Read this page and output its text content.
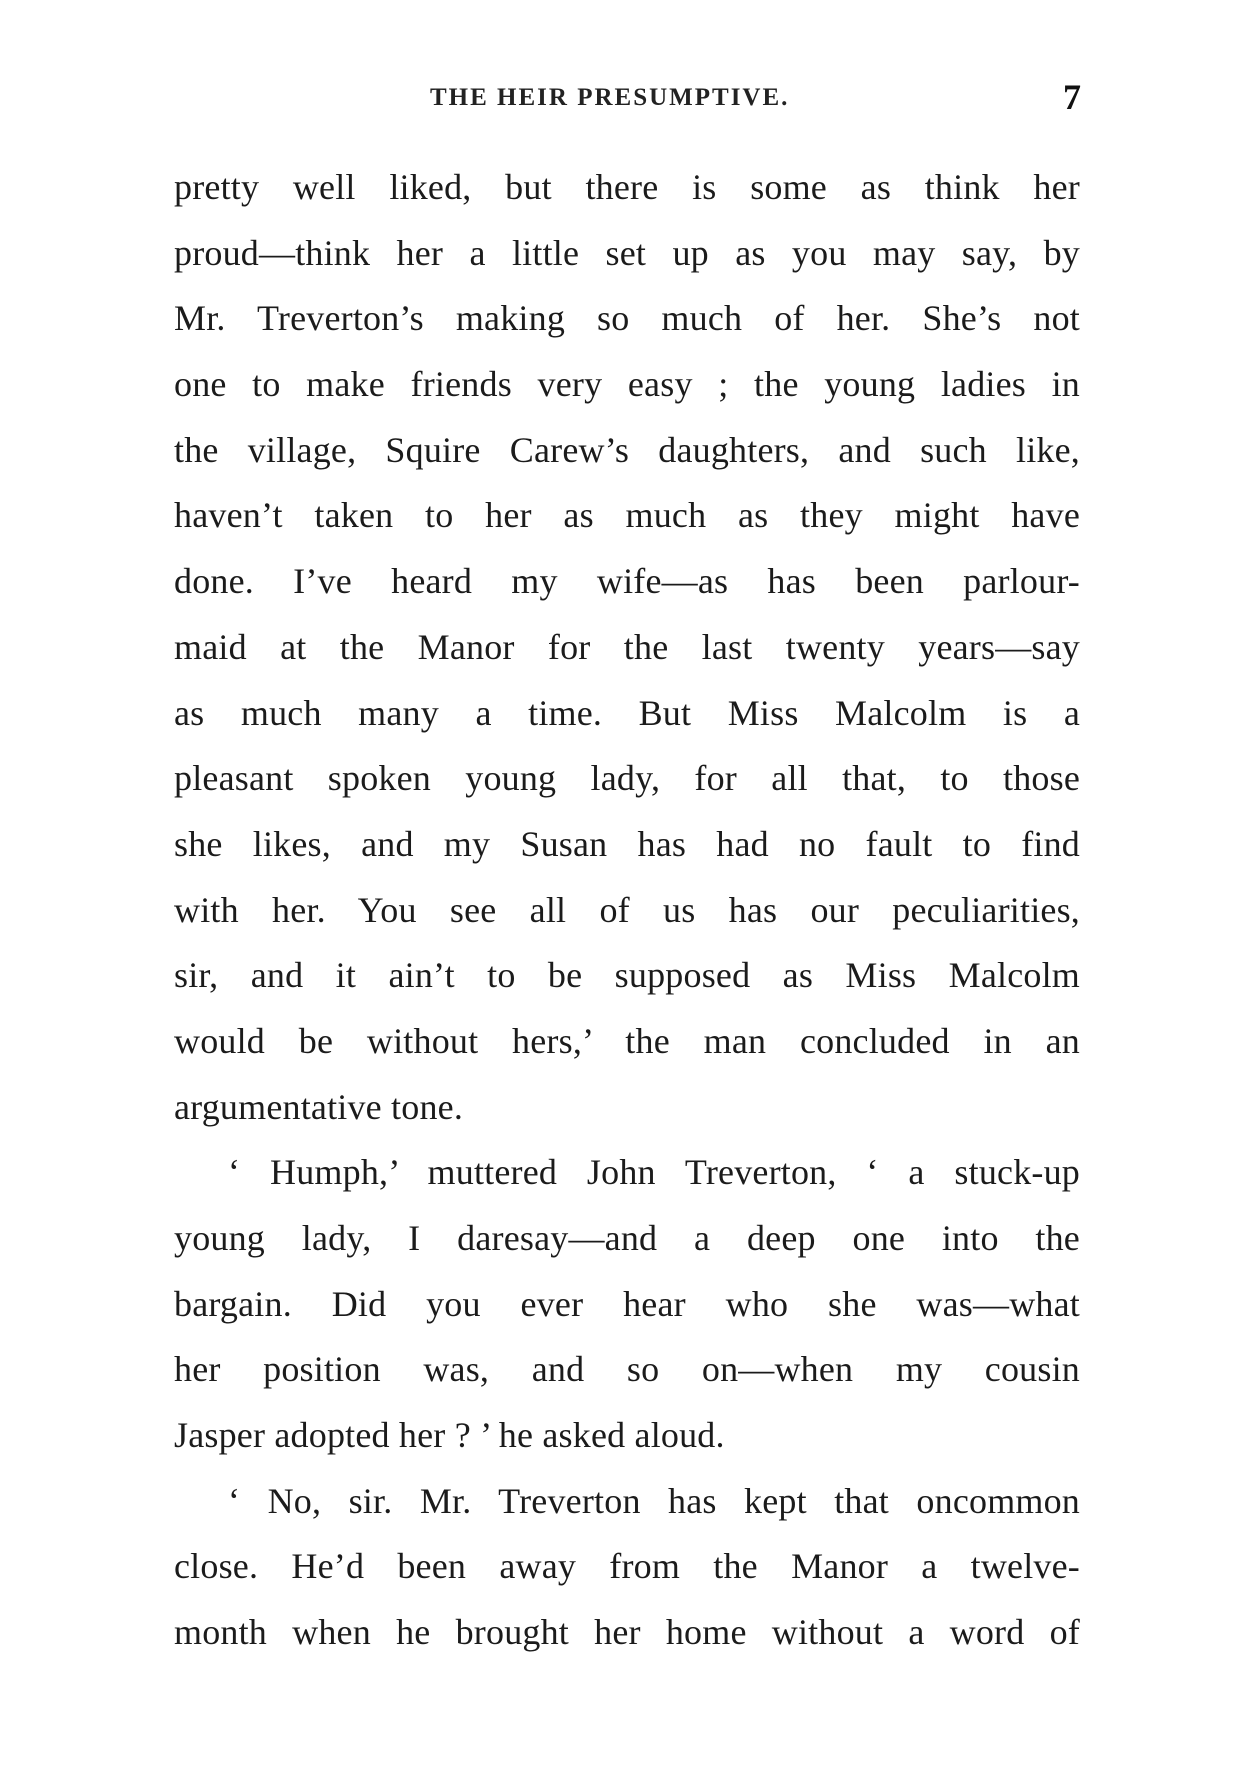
THE HEIR PRESUMPTIVE.	7
pretty well liked, but there is some as think her
proud—think her a little set up as you may say, by
Mr. Treverton’s making so much of her. She’s not
one to make friends very easy ; the young ladies in
the village, Squire Carew’s daughters, and such like,
haven’t taken to her as much as they might have
done. I’ve heard my wife—as has been parlour-
maid at the Manor for the last twenty years—say
as much many a time. But Miss Malcolm is a
pleasant spoken young lady, for all that, to those
she likes, and my Susan has had no fault to find
with her. You see all of us has our peculiarities,
sir, and it ain’t to be supposed as Miss Malcolm
would be without hers,’ the man concluded in an
argumentative tone.
‘ Humph,’ muttered John Treverton, ‘ a stuck-up
young lady, I daresay—and a deep one into the
bargain. Did you ever hear who she was—what
her position was, and so on—when my cousin
Jasper adopted her ? ’ he asked aloud.
‘ No, sir. Mr. Treverton has kept that oncommon
close. He’d been away from the Manor a twelve-
month when he brought her home without a word of
